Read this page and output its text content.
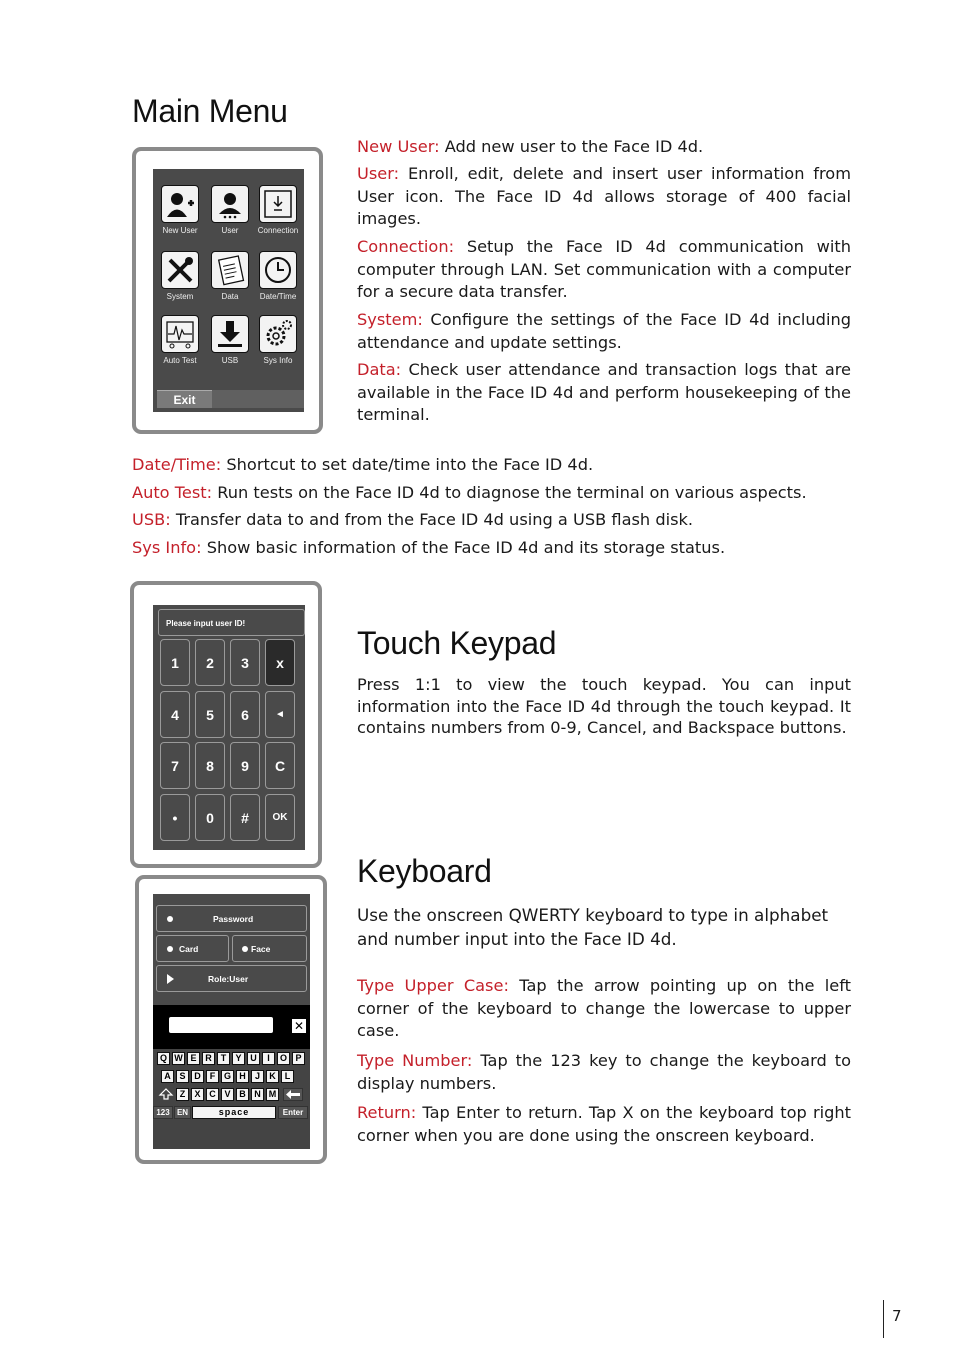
Main Menu
New User	User	Connection
System	Data	Date/Time
Auto Test	USB	Sys Info
Exit

New User: Add new user to the Face ID 4d.

User: Enroll, edit, delete and insert user information from User icon. The Face ID 4d allows storage of 400 facial images.

Connection: Setup the Face ID 4d communication with computer through LAN. Set communication with a computer for a secure data transfer.

System: Configure the settings of the Face ID 4d including attendance and update settings.

Data: Check user attendance and transaction logs that are available in the Face ID 4d and perform housekeeping of the terminal.

Date/Time: Shortcut to set date/time into the Face ID 4d.

Auto Test: Run tests on the Face ID 4d to diagnose the terminal on various aspects.

USB: Transfer data to and from the Face ID 4d using a USB flash disk.

Sys Info: Show basic information of the Face ID 4d and its storage status.

Please input user ID!
1	2	3	x
4	5	6	◄
7	8	9	C
•	0	#	OK
Touch Keypad

Press 1:1 to view the touch keypad. You can input information into the Face ID 4d through the touch keypad. It contains numbers from 0-9, Cancel, and Backspace buttons.

Password
Card	Face
Role:User
✕
Q W E R	T	Y U	I	O P
A S D	F G H	J	K	L
Z	X C V B N M
123 EN	space	Enter
Keyboard

Use the onscreen QWERTY keyboard to type in alphabet and number input into the Face ID 4d.

Type Upper Case: Tap the arrow pointing up on the left corner of the keyboard to change the lowercase to upper case.

Type Number: Tap the 123 key to change the keyboard to display numbers.

Return: Tap Enter to return. Tap X on the keyboard top right corner when you are done using the onscreen keyboard.

7
